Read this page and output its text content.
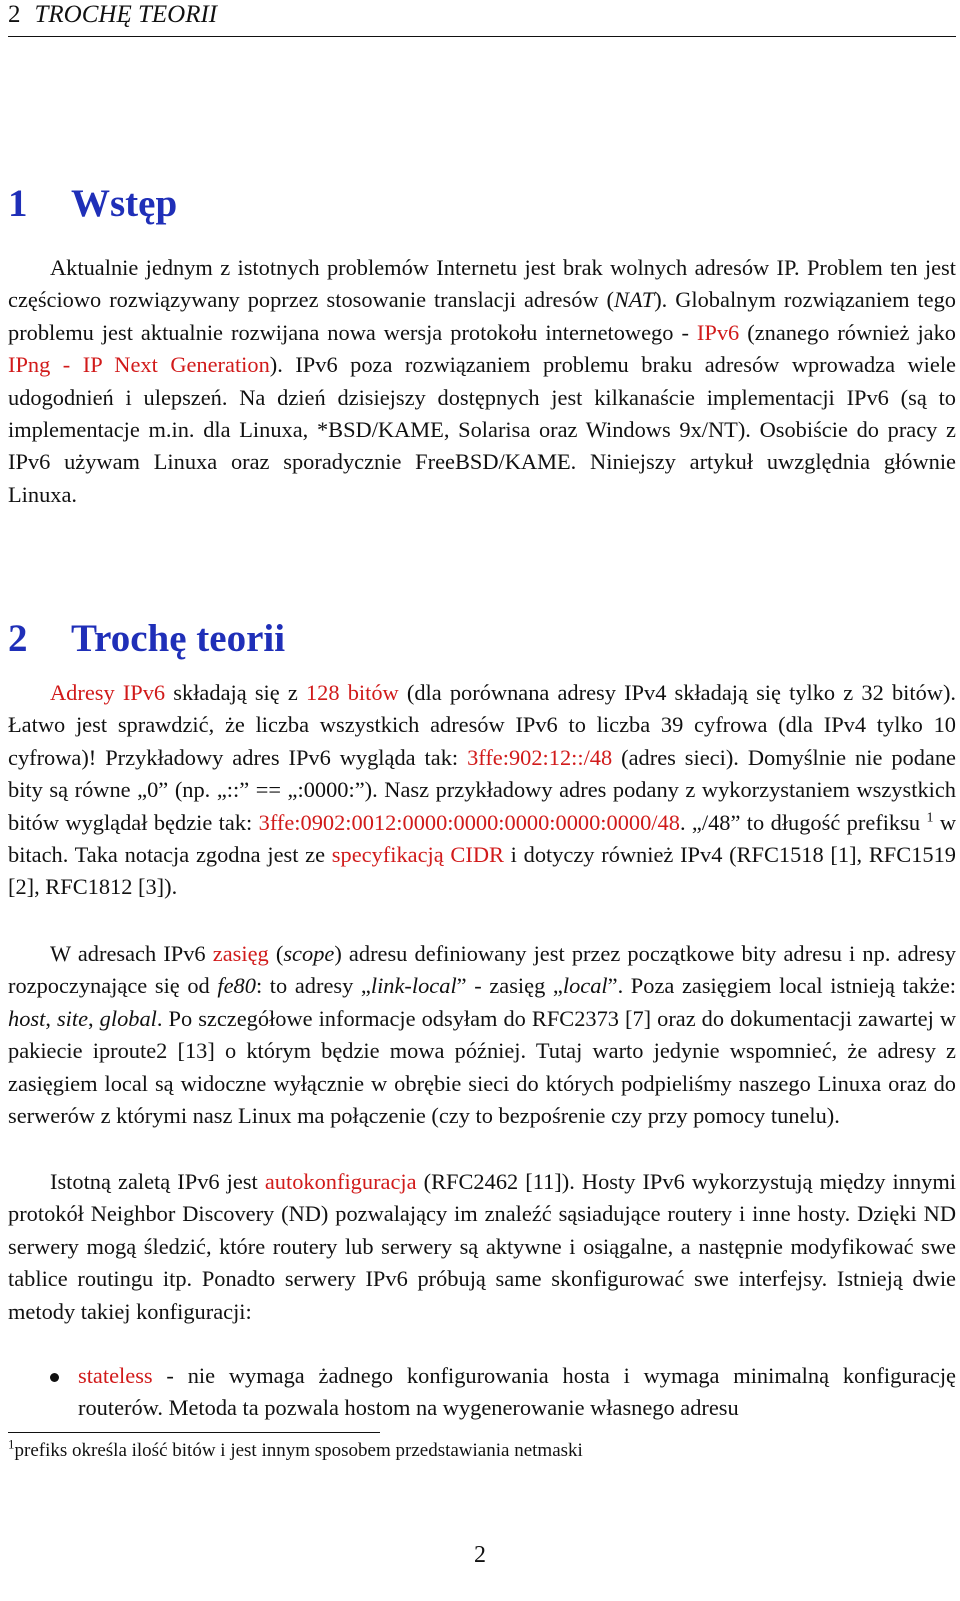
2 TROCHĘ TEORII
1 Wstęp

Aktualnie jednym z istotnych problemów Internetu jest brak wolnych adresów IP. Problem ten jest częściowo rozwiązywany poprzez stosowanie translacji adresów (NAT). Globalnym rozwiązaniem tego problemu jest aktualnie rozwijana nowa wersja protokołu internetowego - IPv6 (znanego również jako IPng - IP Next Generation). IPv6 poza rozwiązaniem problemu braku adresów wprowadza wiele udogodnień i ulepszeń. Na dzień dzisiejszy dostępnych jest kilkanaście implementacji IPv6 (są to implementacje m.in. dla Linuxa, *BSD/KAME, Solarisa oraz Windows 9x/NT). Osobiście do pracy z IPv6 używam Linuxa oraz sporadycznie FreeBSD/KAME. Niniejszy artykuł uwzględnia głównie Linuxa.

2 Trochę teorii

Adresy IPv6 składają się z 128 bitów (dla porównana adresy IPv4 składają się tylko z 32 bitów). Łatwo jest sprawdzić, że liczba wszystkich adresów IPv6 to liczba 39 cyfrowa (dla IPv4 tylko 10 cyfrowa)! Przykładowy adres IPv6 wygląda tak: 3ffe:902:12::/48 (adres sieci). Domyślnie nie podane bity są równe „0” (np. „::” == „:0000:”). Nasz przykładowy adres podany z wykorzystaniem wszystkich bitów wyglądał będzie tak: 3ffe:0902:0012:0000:0000:0000:0000:0000/48. „/48” to długość prefiksu $^1$ w bitach. Taka notacja zgodna jest ze specyfikacją CIDR i dotyczy również IPv4 (RFC1518 [1], RFC1519 [2], RFC1812 [3]).

W adresach IPv6 zasięg (scope) adresu definiowany jest przez początkowe bity adresu i np. adresy rozpoczynające się od fe80: to adresy „link-local” - zasięg „local”. Poza zasięgiem local istnieją także: host, site, global. Po szczegółowe informacje odsyłam do RFC2373 [7] oraz do dokumentacji zawartej w pakiecie iproute2 [13] o którym będzie mowa później. Tutaj warto jedynie wspomnieć, że adresy z zasięgiem local są widoczne wyłącznie w obrębie sieci do których podpieliśmy naszego Linuxa oraz do serwerów z którymi nasz Linux ma połączenie (czy to bezpośrenie czy przy pomocy tunelu).

Istotną zaletą IPv6 jest autokonfiguracja (RFC2462 [11]). Hosty IPv6 wykorzystują między innymi protokół Neighbor Discovery (ND) pozwalający im znaleźć sąsiadujące routery i inne hosty. Dzięki ND serwery mogą śledzić, które routery lub serwery są aktywne i osiągalne, a następnie modyfikować swe tablice routingu itp. Ponadto serwery IPv6 próbują same skonfigurować swe interfejsy. Istnieją dwie metody takiej konfiguracji:

stateless - nie wymaga żadnego konfigurowania hosta i wymaga minimalną konfigurację routerów. Metoda ta pozwala hostom na wygenerowanie własnego adresu
$^1$prefiks określa ilość bitów i jest innym sposobem przedstawiania netmaski
2
